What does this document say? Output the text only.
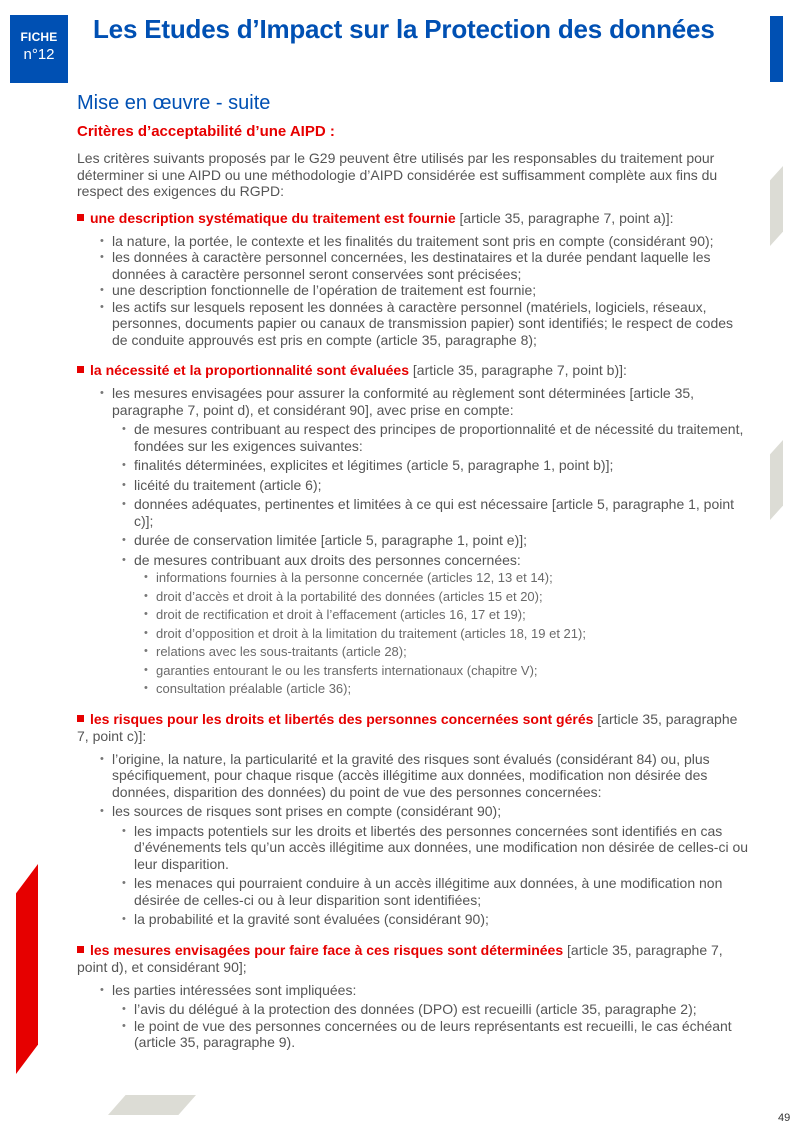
FICHE
n°12
Les Etudes d’Impact sur la Protection des données
Mise en œuvre - suite
Critères d’acceptabilité d’une AIPD :

Les critères suivants proposés par le G29 peuvent être utilisés par les responsables du traitement pour déterminer si une AIPD ou une méthodologie d’AIPD considérée est suffisamment complète aux fins du respect des exigences du RGPD:

une description systématique du traitement est fournie [article 35, paragraphe 7, point a)]:

• la nature, la portée, le contexte et les finalités du traitement sont pris en compte (considérant 90);
• les données à caractère personnel concernées, les destinataires et la durée pendant laquelle les données à caractère personnel seront conservées sont précisées;
• une description fonctionnelle de l’opération de traitement est fournie;
• les actifs sur lesquels reposent les données à caractère personnel (matériels, logiciels, réseaux, personnes, documents papier ou canaux de transmission papier) sont identifiés; le respect de codes de conduite approuvés est pris en compte (article 35, paragraphe 8);

la nécessité et la proportionnalité sont évaluées [article 35, paragraphe 7, point b)]:

• les mesures envisagées pour assurer la conformité au règlement sont déterminées [article 35, paragraphe 7, point d), et considérant 90], avec prise en compte:
• de mesures contribuant au respect des principes de proportionnalité et de nécessité du traitement, fondées sur les exigences suivantes:
• finalités déterminées, explicites et légitimes (article 5, paragraphe 1, point b)];
• licéité du traitement (article 6);
• données adéquates, pertinentes et limitées à ce qui est nécessaire [article 5, paragraphe 1, point c)];
• durée de conservation limitée [article 5, paragraphe 1, point e)];
• de mesures contribuant aux droits des personnes concernées:
• informations fournies à la personne concernée (articles 12, 13 et 14);
• droit d’accès et droit à la portabilité des données (articles 15 et 20);
• droit de rectification et droit à l’effacement (articles 16, 17 et 19);
• droit d’opposition et droit à la limitation du traitement (articles 18, 19 et 21);
• relations avec les sous-traitants (article 28);
• garanties entourant le ou les transferts internationaux (chapitre V);
• consultation préalable (article 36);

les risques pour les droits et libertés des personnes concernées sont gérés [article 35, paragraphe 7, point c)]:

• l’origine, la nature, la particularité et la gravité des risques sont évalués (considérant 84) ou, plus spécifiquement, pour chaque risque (accès illégitime aux données, modification non désirée des données, disparition des données) du point de vue des personnes concernées:
• les sources de risques sont prises en compte (considérant 90);
• les impacts potentiels sur les droits et libertés des personnes concernées sont identifiés en cas d’événements tels qu’un accès illégitime aux données, une modification non désirée de celles-ci ou leur disparition.
• les menaces qui pourraient conduire à un accès illégitime aux données, à une modification non désirée de celles-ci ou à leur disparition sont identifiées;
• la probabilité et la gravité sont évaluées (considérant 90);

les mesures envisagées pour faire face à ces risques sont déterminées [article 35, paragraphe 7, point d), et considérant 90];

• les parties intéressées sont impliquées:
• l’avis du délégué à la protection des données (DPO) est recueilli (article 35, paragraphe 2);
• le point de vue des personnes concernées ou de leurs représentants est recueilli, le cas échéant (article 35, paragraphe 9).
49
